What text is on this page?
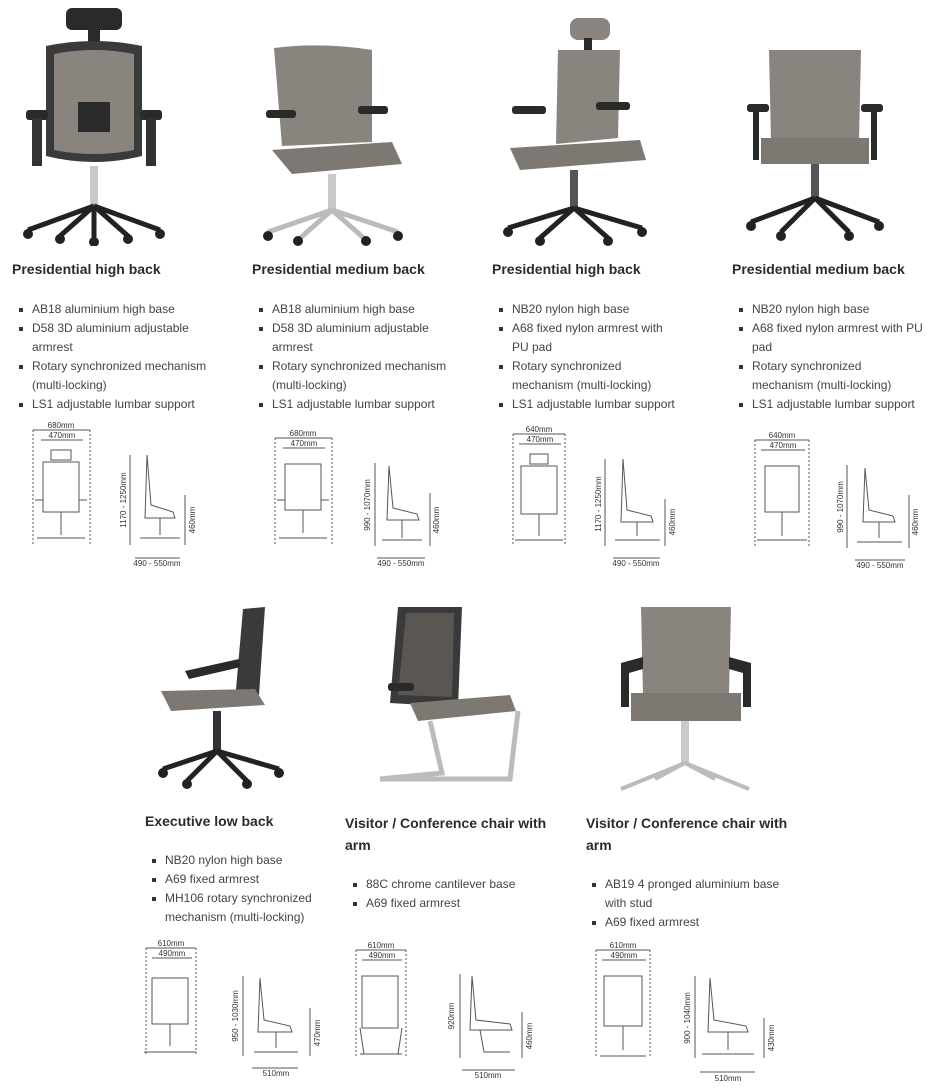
Presidential high back
AB18 aluminium high base
D58 3D aluminium adjustable armrest
Rotary synchronized mechanism (multi-locking)
LS1 adjustable lumbar support
680mm
470mm
1170 - 1250mm	460mm
490 - 550mm
Presidential medium back
AB18 aluminium high base
D58 3D aluminium adjustable armrest
Rotary synchronized mechanism (multi-locking)
LS1 adjustable lumbar support
680mm
470mm
990 - 1070mm	460mm
490 - 550mm
Presidential high back
NB20 nylon high base
A68 fixed nylon armrest with PU pad
Rotary synchronized mechanism (multi-locking)
LS1 adjustable lumbar support
640mm
470mm
1170 - 1250mm	460mm
490 - 550mm
Presidential medium back
NB20 nylon high base
A68 fixed nylon armrest with PU pad
Rotary synchronized mechanism (multi-locking)
LS1 adjustable lumbar support
640mm
470mm
990 - 1070mm	460mm
490 - 550mm
Executive low back
NB20 nylon high base
A69 fixed armrest
MH106 rotary synchronized mechanism (multi-locking)
610mm
490mm
950 - 1030mm	470mm
510mm
Visitor / Conference chair with arm
88C chrome cantilever base
A69 fixed armrest
610mm
490mm
920mm
460mm
510mm
Visitor / Conference chair with arm
AB19 4 pronged aluminium base with stud
A69 fixed armrest
610mm
490mm
900 - 1040mm	430mm
510mm
